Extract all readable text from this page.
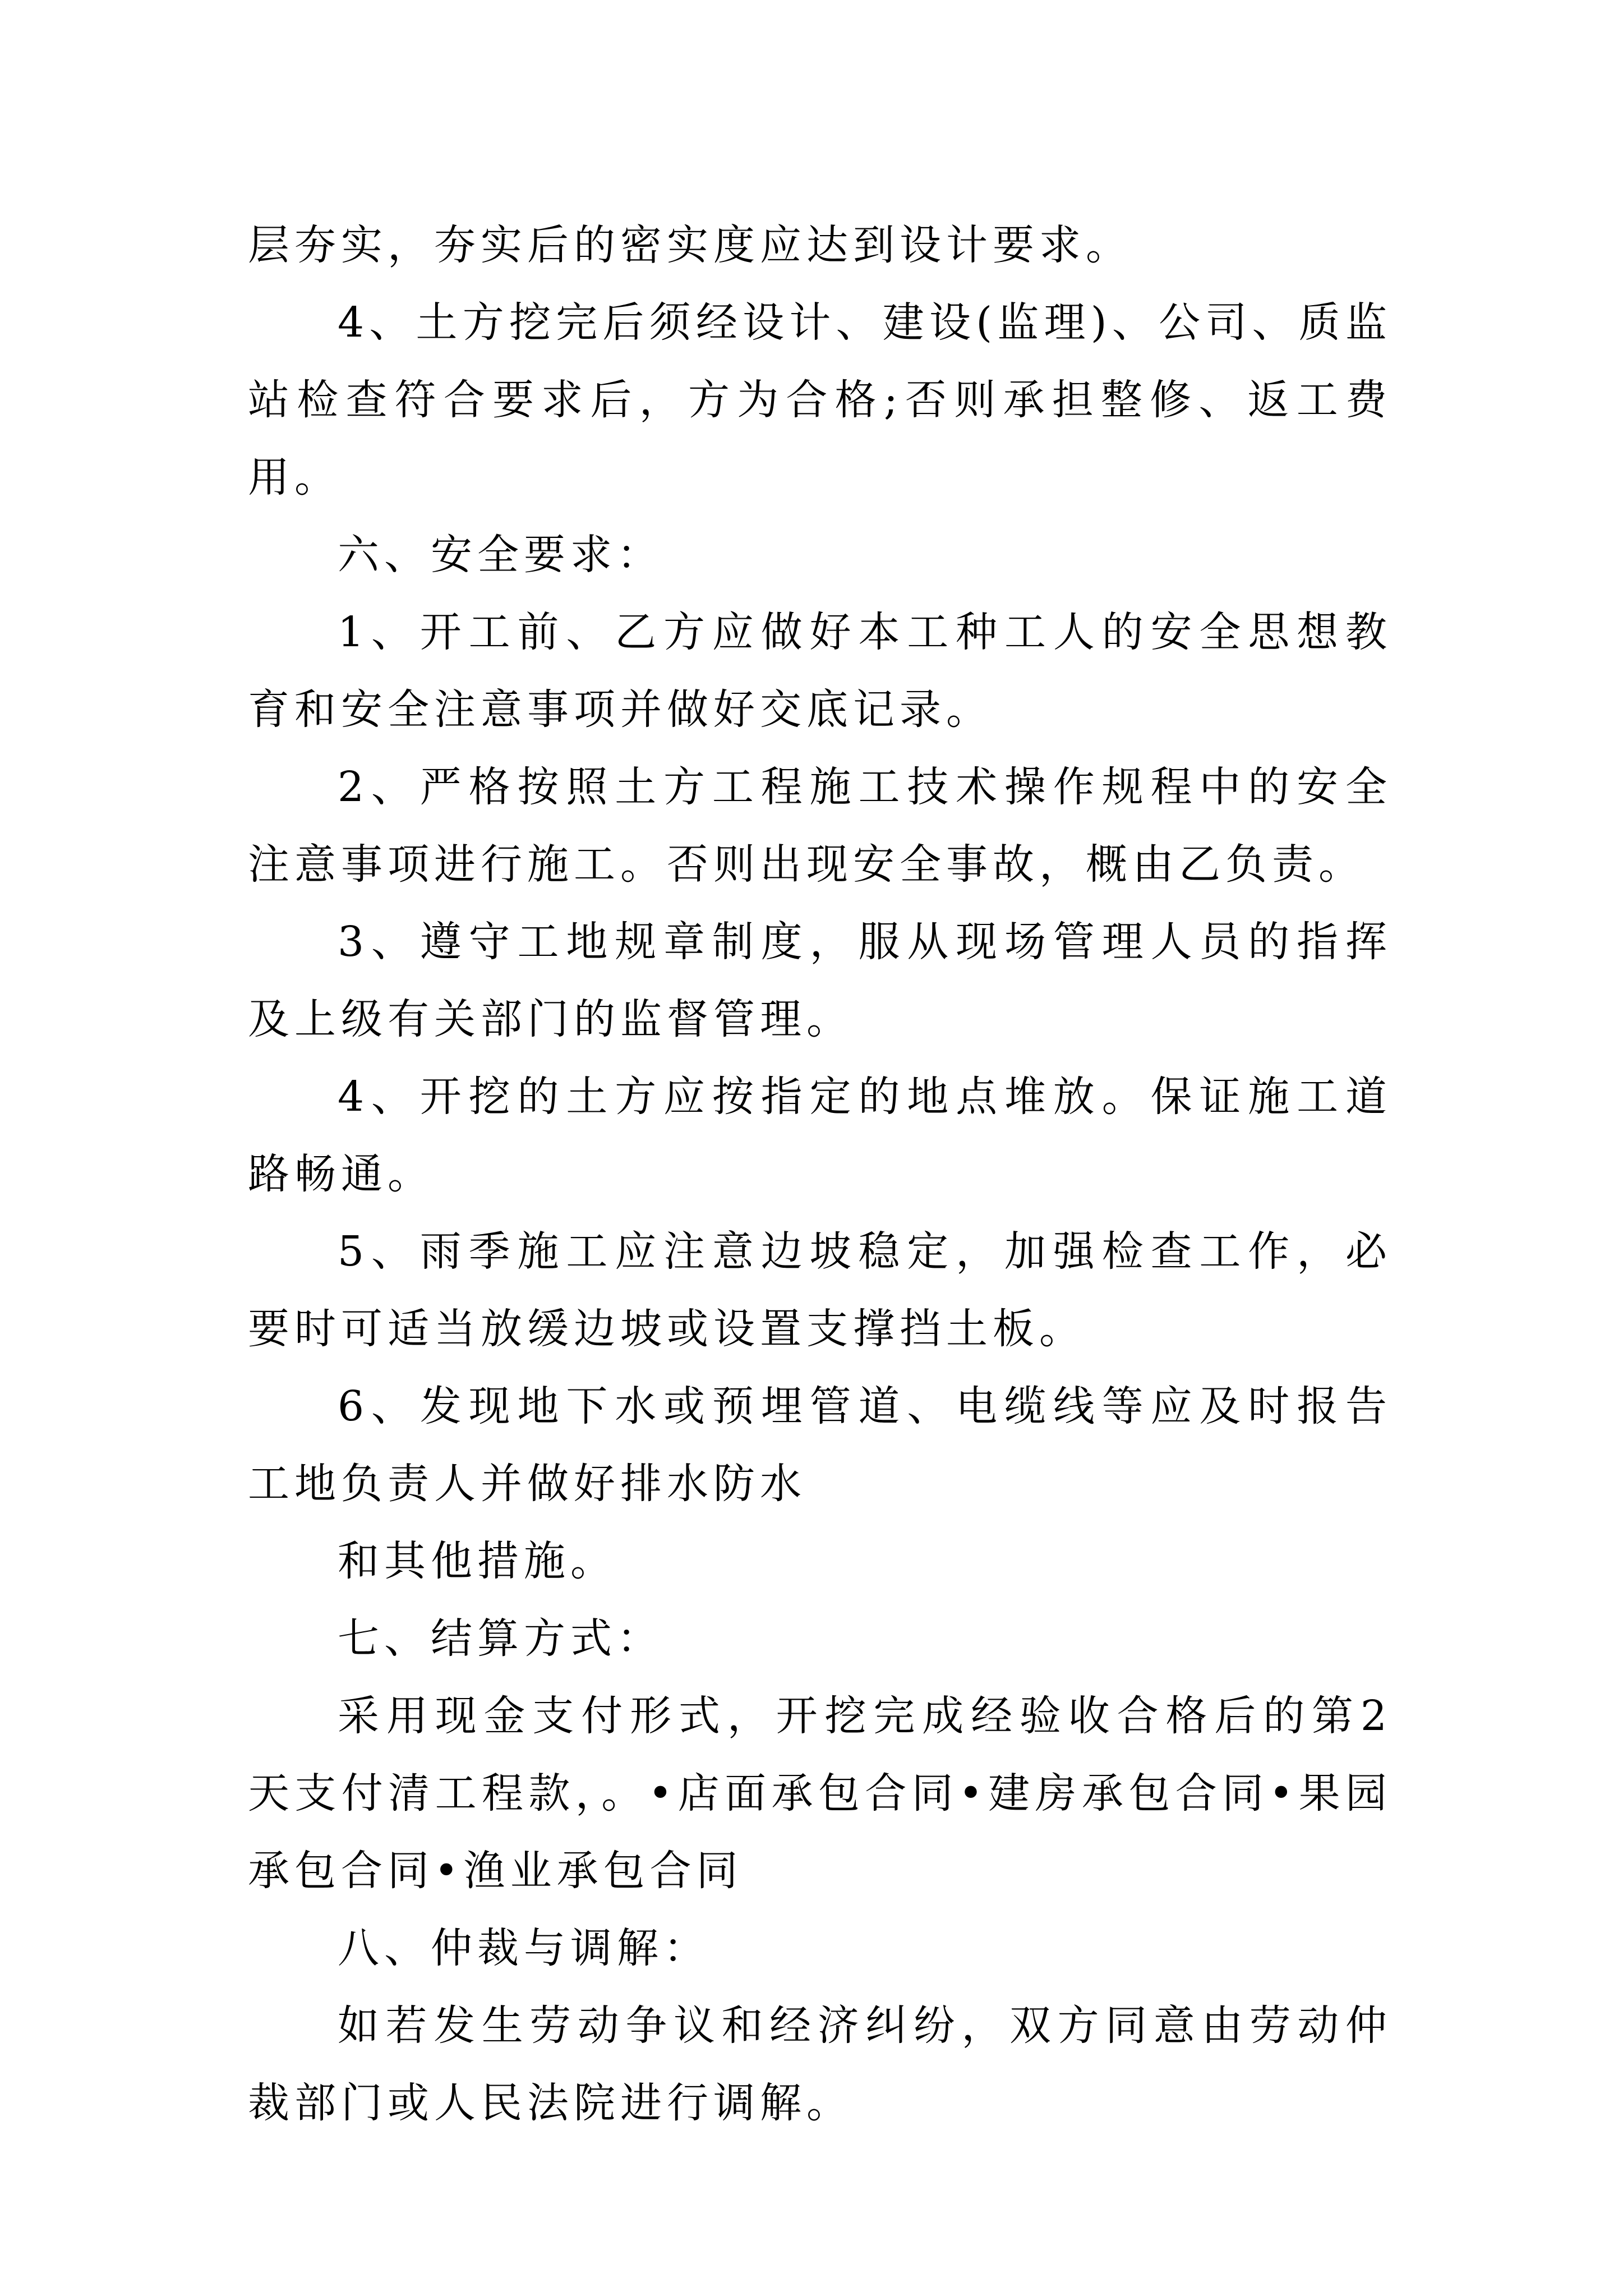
层夯实，夯实后的密实度应达到设计要求。

4、土方挖完后须经设计、建设(监理)、公司、质监站检查符合要求后，方为合格;否则承担整修、返工费用。

六、安全要求：

1、开工前、乙方应做好本工种工人的安全思想教育和安全注意事项并做好交底记录。

2、严格按照土方工程施工技术操作规程中的安全注意事项进行施工。否则出现安全事故，概由乙负责。

3、遵守工地规章制度，服从现场管理人员的指挥及上级有关部门的监督管理。

4、开挖的土方应按指定的地点堆放。保证施工道路畅通。

5、雨季施工应注意边坡稳定，加强检查工作，必要时可适当放缓边坡或设置支撑挡土板。

6、发现地下水或预埋管道、电缆线等应及时报告工地负责人并做好排水防水

和其他措施。

七、结算方式：

采用现金支付形式，开挖完成经验收合格后的第2天支付清工程款，。•店面承包合同•建房承包合同•果园承包合同•渔业承包合同

八、仲裁与调解：

如若发生劳动争议和经济纠纷，双方同意由劳动仲裁部门或人民法院进行调解。
